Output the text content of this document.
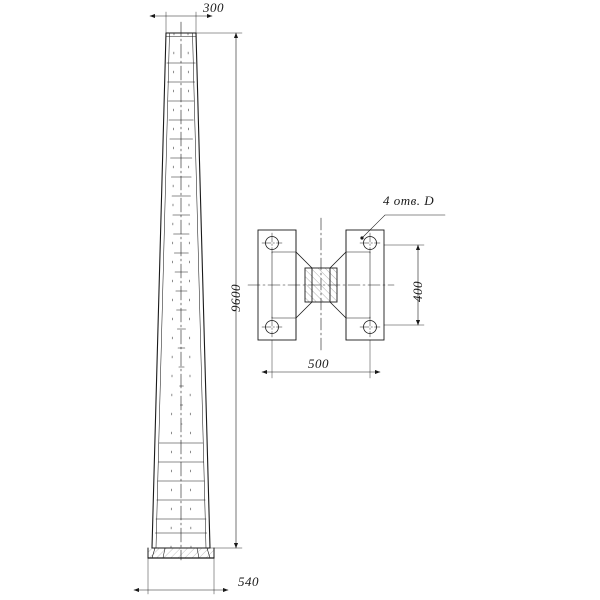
300
9600
540
4 отв. D
400
500
